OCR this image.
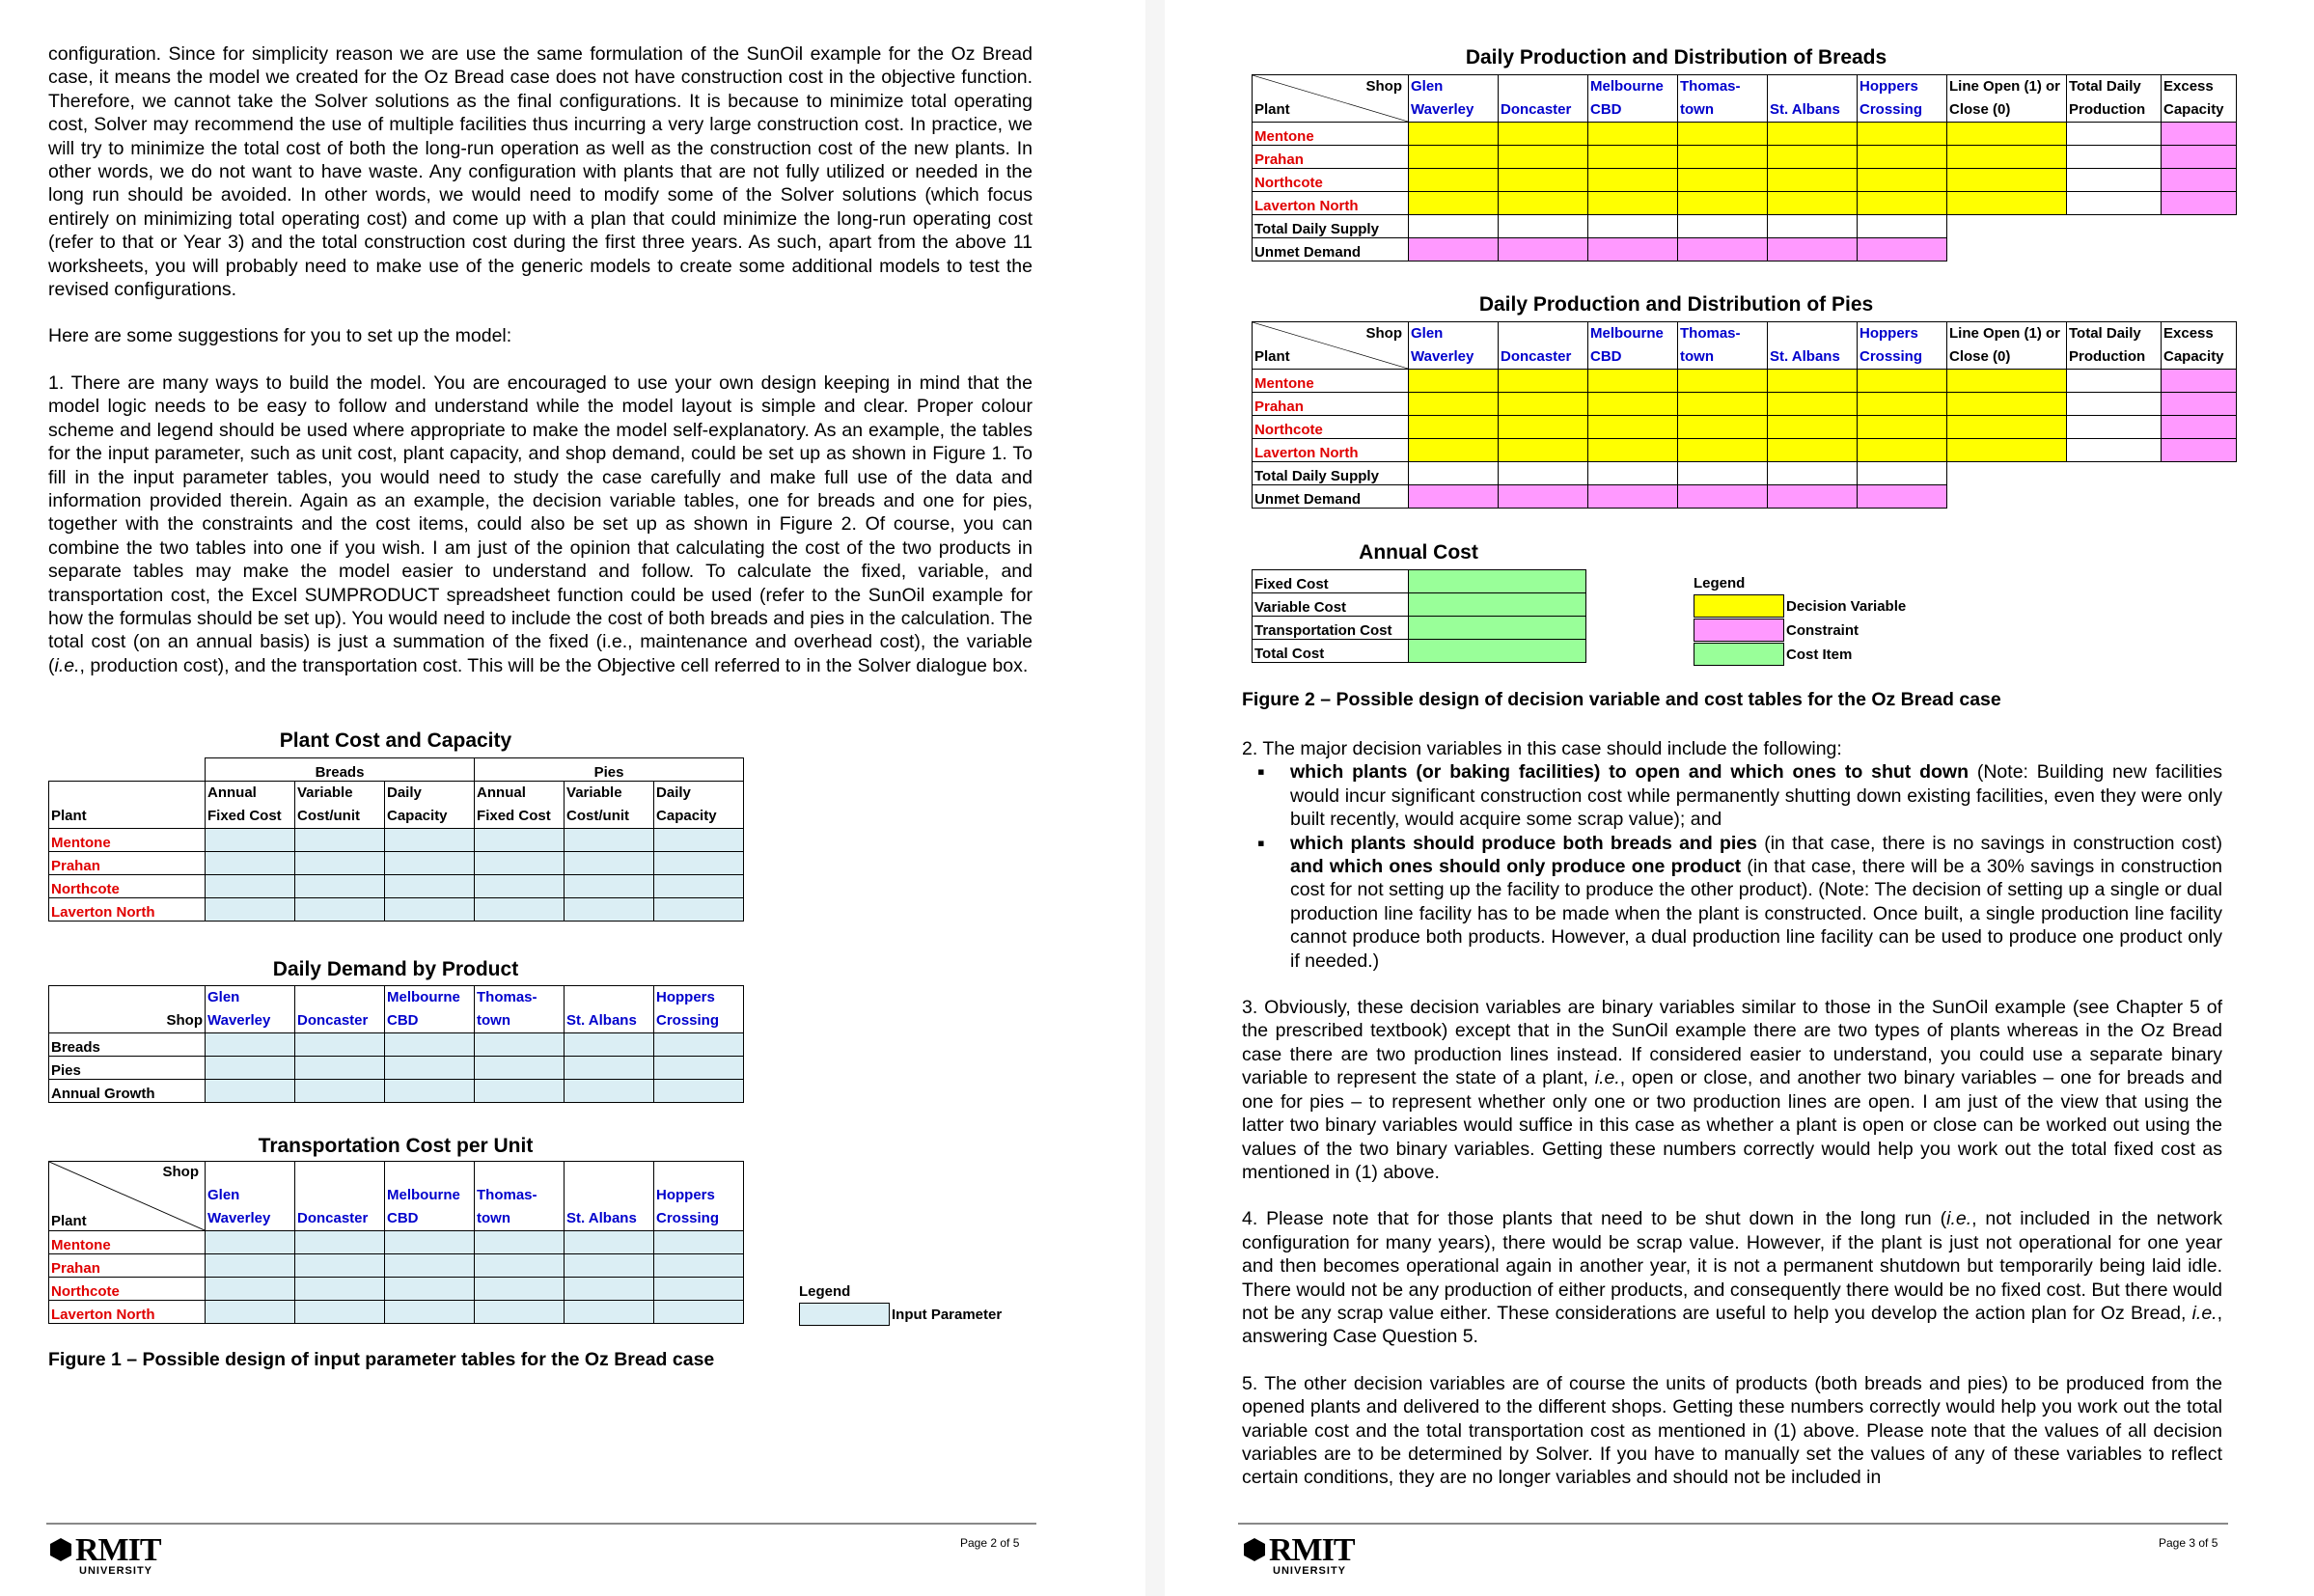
configuration. Since for simplicity reason we are use the same formulation of the SunOil example for the Oz Bread case, it means the model we created for the Oz Bread case does not have construction cost in the objective function. Therefore, we cannot take the Solver solutions as the final configurations. It is because to minimize total operating cost, Solver may recommend the use of multiple facilities thus incurring a very large construction cost. In practice, we will try to minimize the total cost of both the long-run operation as well as the construction cost of the new plants. In other words, we do not want to have waste. Any configuration with plants that are not fully utilized or needed in the long run should be avoided. In other words, we would need to modify some of the Solver solutions (which focus entirely on minimizing total operating cost) and come up with a plan that could minimize the long-run operating cost (refer to that or Year 3) and the total construction cost during the first three years. As such, apart from the above 11 worksheets, you will probably need to make use of the generic models to create some additional models to test the revised configurations.

Here are some suggestions for you to set up the model:

1. There are many ways to build the model. You are encouraged to use your own design keeping in mind that the model logic needs to be easy to follow and understand while the model layout is simple and clear. Proper colour scheme and legend should be used where appropriate to make the model self-explanatory. As an example, the tables for the input parameter, such as unit cost, plant capacity, and shop demand, could be set up as shown in Figure 1. To fill in the input parameter tables, you would need to study the case carefully and make full use of the data and information provided therein. Again as an example, the decision variable tables, one for breads and one for pies, together with the constraints and the cost items, could also be set up as shown in Figure 2. Of course, you can combine the two tables into one if you wish. I am just of the opinion that calculating the cost of the two products in separate tables may make the model easier to understand and follow. To calculate the fixed, variable, and transportation cost, the Excel SUMPRODUCT spreadsheet function could be used (refer to the SunOil example for how the formulas should be set up). You would need to include the cost of both breads and pies in the calculation. The total cost (on an annual basis) is just a summation of the fixed (i.e., maintenance and overhead cost), the variable (i.e., production cost), and the transportation cost. This will be the Objective cell referred to in the Solver dialogue box.

Plant Cost and Capacity
	Breads			Pies		
Plant	Annual Fixed Cost	Variable Cost/unit	Daily Capacity	Annual Fixed Cost	Variable Cost/unit	Daily Capacity
Mentone						
Prahan						
Northcote						
Laverton North						
Daily Demand by Product
Shop	Glen Waverley	Doncaster	Melbourne CBD	Thomas-town	St. Albans	Hoppers Crossing
Breads						
Pies						
Annual Growth						
Transportation Cost per Unit
Shop
Plant						

	Glen Waverley	Doncaster	Melbourne CBD	Thomas-town	St. Albans	Hoppers Crossing
Mentone						
Prahan						
Northcote						
Laverton North						
Legend
Input Parameter
Figure 1 – Possible design of input parameter tables for the Oz Bread case
RMIT
UNIVERSITY
Page 2 of 5
Daily Production and Distribution of Breads
Shop
Plant	Glen Waverley	Doncaster	Melbourne CBD	Thomas-town	St. Albans	Hoppers Crossing	Line Open (1) or Close (0)	Total Daily Production	Excess Capacity
Mentone									
Prahan									
Northcote									
Laverton North									
Total Daily Supply									
Unmet Demand									
Daily Production and Distribution of Pies
Shop
Plant	Glen Waverley	Doncaster	Melbourne CBD	Thomas-town	St. Albans	Hoppers Crossing	Line Open (1) or Close (0)	Total Daily Production	Excess Capacity
Mentone									
Prahan									
Northcote									
Laverton North									
Total Daily Supply									
Unmet Demand									
Annual Cost
Fixed Cost	
Variable Cost	
Transportation Cost	
Total Cost	
Legend
Decision Variable
Constraint
Cost Item
Figure 2 – Possible design of decision variable and cost tables for the Oz Bread case

2. The major decision variables in this case should include the following:

▪ which plants (or baking facilities) to open and which ones to shut down (Note: Building new facilities would incur significant construction cost while permanently shutting down existing facilities, even they were only built recently, would acquire some scrap value); and
▪ which plants should produce both breads and pies (in that case, there is no savings in construction cost) and which ones should only produce one product (in that case, there will be a 30% savings in construction cost for not setting up the facility to produce the other product). (Note: The decision of setting up a single or dual production line facility has to be made when the plant is constructed. Once built, a single production line facility cannot produce both products. However, a dual production line facility can be used to produce one product only if needed.)

3. Obviously, these decision variables are binary variables similar to those in the SunOil example (see Chapter 5 of the prescribed textbook) except that in the SunOil example there are two types of plants whereas in the Oz Bread case there are two production lines instead. If considered easier to understand, you could use a separate binary variable to represent the state of a plant, i.e., open or close, and another two binary variables – one for breads and one for pies – to represent whether only one or two production lines are open. I am just of the view that using the latter two binary variables would suffice in this case as whether a plant is open or close can be worked out using the values of the two binary variables. Getting these numbers correctly would help you work out the total fixed cost as mentioned in (1) above.

4. Please note that for those plants that need to be shut down in the long run (i.e., not included in the network configuration for many years), there would be scrap value. However, if the plant is just not operational for one year and then becomes operational again in another year, it is not a permanent shutdown but temporarily being laid idle. There would not be any production of either products, and consequently there would be no fixed cost. But there would not be any scrap value either. These considerations are useful to help you develop the action plan for Oz Bread, i.e., answering Case Question 5.

5. The other decision variables are of course the units of products (both breads and pies) to be produced from the opened plants and delivered to the different shops. Getting these numbers correctly would help you work out the total variable cost and the total transportation cost as mentioned in (1) above. Please note that the values of all decision variables are to be determined by Solver. If you have to manually set the values of any of these variables to reflect certain conditions, they are no longer variables and should not be included in

RMIT
UNIVERSITY
Page 3 of 5
